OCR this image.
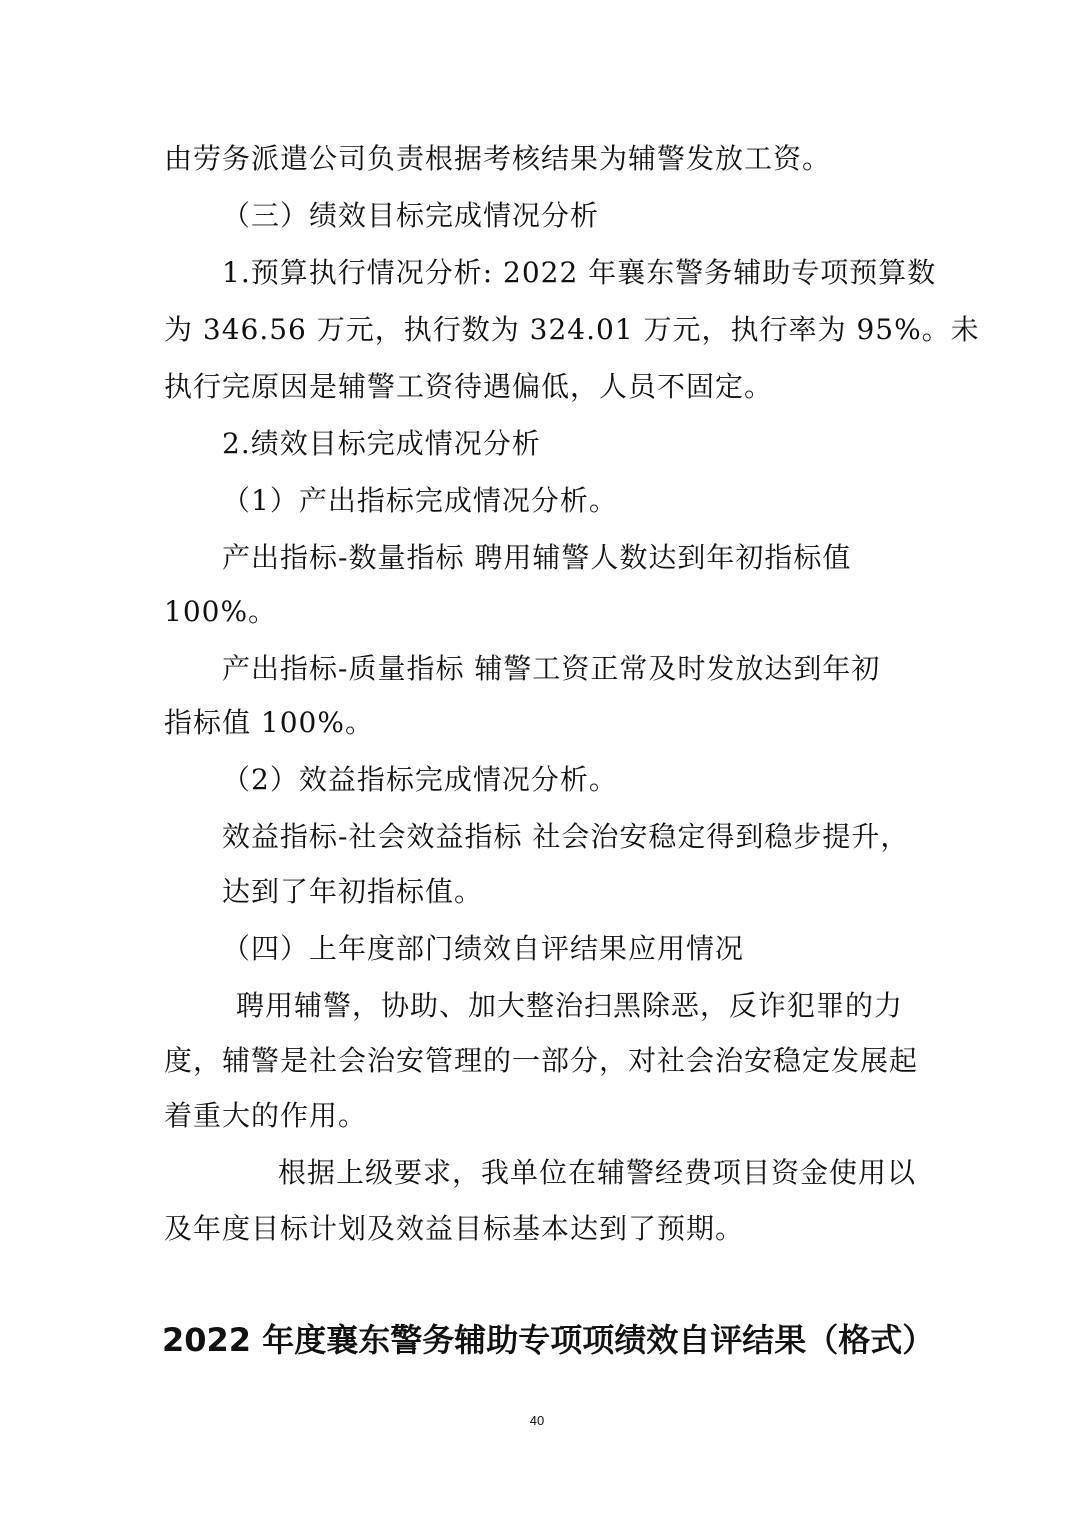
由劳务派遣公司负责根据考核结果为辅警发放工资。
（三）绩效目标完成情况分析
1.预算执行情况分析: 2022 年襄东警务辅助专项预算数
为 346.56 万元，执行数为 324.01 万元，执行率为 95%。未
执行完原因是辅警工资待遇偏低，人员不固定。
2.绩效目标完成情况分析
（1）产出指标完成情况分析。
产出指标-数量指标 聘用辅警人数达到年初指标值
100%。
产出指标-质量指标 辅警工资正常及时发放达到年初
指标值 100%。
（2）效益指标完成情况分析。
效益指标-社会效益指标 社会治安稳定得到稳步提升，
达到了年初指标值。
（四）上年度部门绩效自评结果应用情况
聘用辅警，协助、加大整治扫黑除恶，反诈犯罪的力
度，辅警是社会治安管理的一部分，对社会治安稳定发展起
着重大的作用。
根据上级要求，我单位在辅警经费项目资金使用以
及年度目标计划及效益目标基本达到了预期。
2022 年度襄东警务辅助专项项绩效自评结果（格式）
40
